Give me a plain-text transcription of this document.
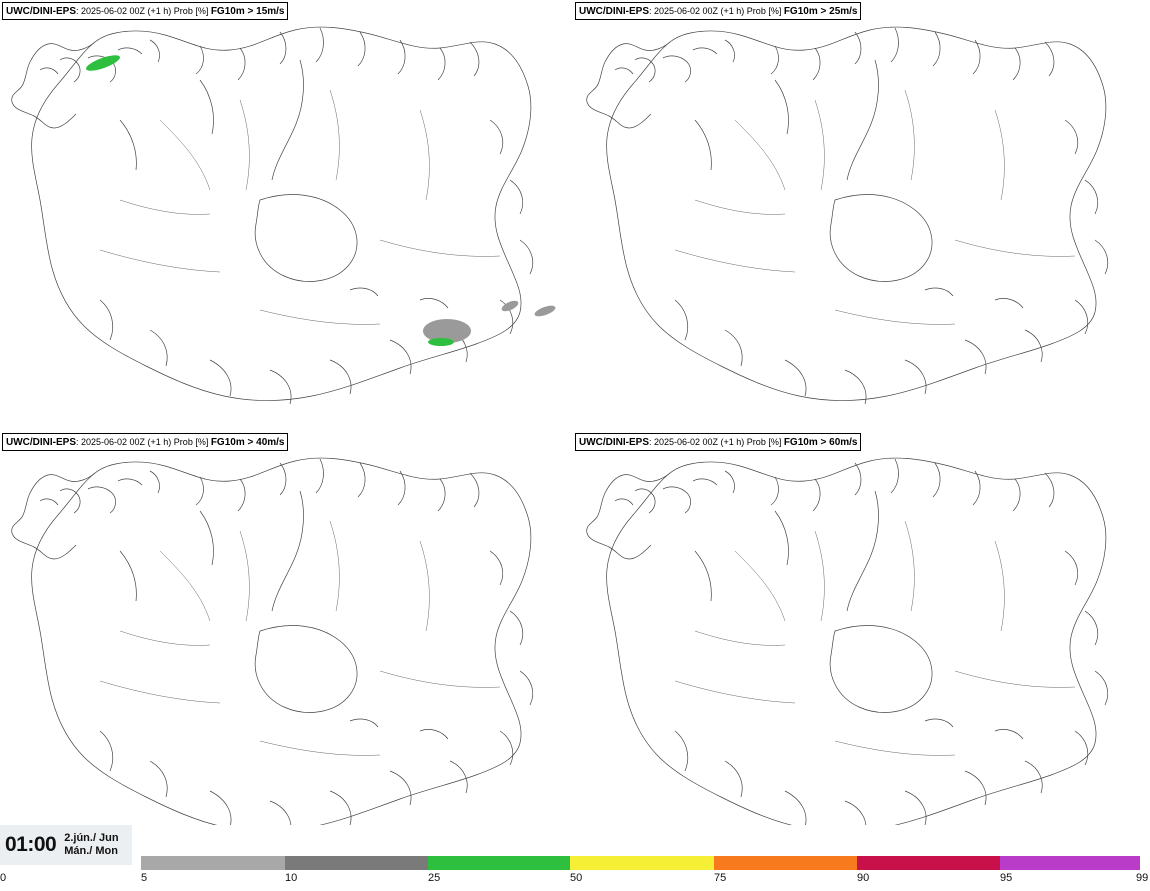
UWC/DINI-EPS: 2025-06-02 00Z (+1 h) Prob [%] FG10m > 15m/s	UWC/DINI-EPS: 2025-06-02 00Z (+1 h) Prob [%] FG10m > 25m/s
UWC/DINI-EPS: 2025-06-02 00Z (+1 h) Prob [%] FG10m > 40m/s	UWC/DINI-EPS: 2025-06-02 00Z (+1 h) Prob [%] FG10m > 60m/s
01:00 2.jún./ Jun
Mán./ Mon
0	5	10	25	50	75	90	95	99
